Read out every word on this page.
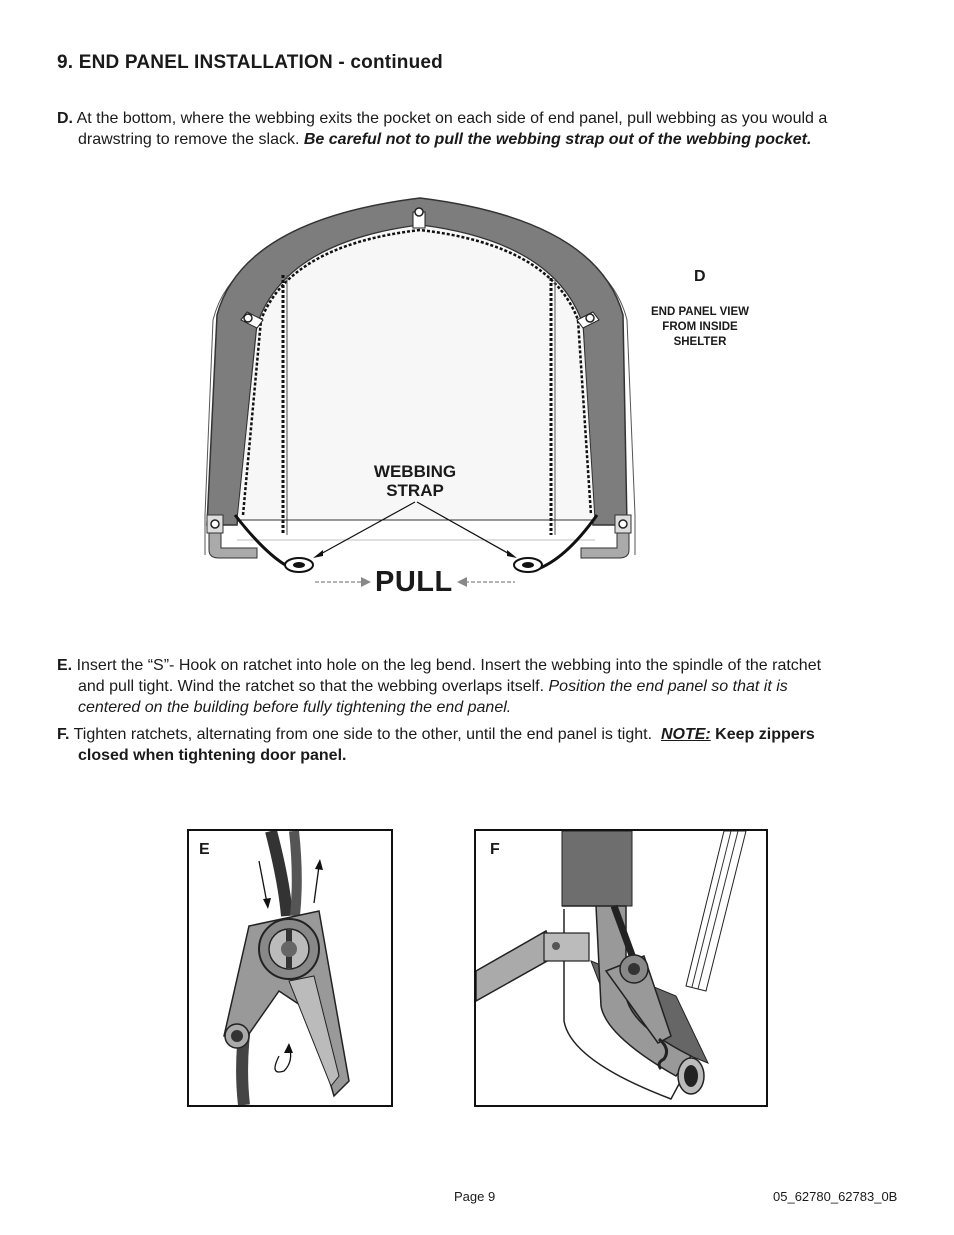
9. END PANEL INSTALLATION - continued
D. At the bottom, where the webbing exits the pocket on each side of end panel, pull webbing as you would a
drawstring to remove the slack. Be careful not to pull the webbing strap out of the webbing pocket.
WEBBING
STRAP
PULL
D
END PANEL VIEW
FROM INSIDE
SHELTER
E. Insert the “S”- Hook on ratchet into hole on the leg bend. Insert the webbing into the spindle of the ratchet
and pull tight. Wind the ratchet so that the webbing overlaps itself. Position the end panel so that it is
centered on the building before fully tightening the end panel.
F. Tighten ratchets, alternating from one side to the other, until the end panel is tight. NOTE: Keep zippers
closed when tightening door panel.
E	F
Page 9	05_62780_62783_0B
